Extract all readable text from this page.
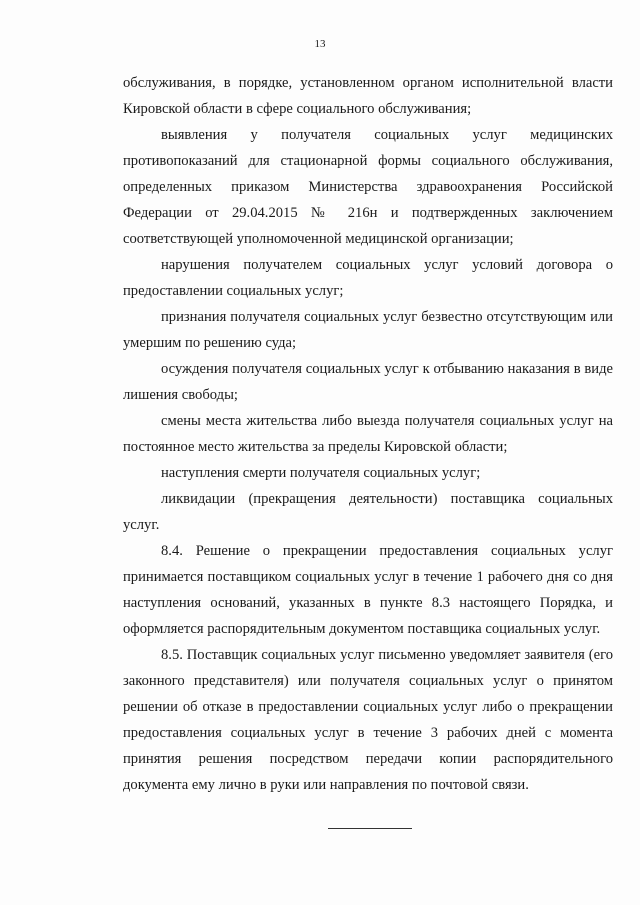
13

обслуживания, в порядке, установленном органом исполнительной власти Кировской области в сфере социального обслуживания;

выявления у получателя социальных услуг медицинских противопоказаний для стационарной формы социального обслуживания, определенных приказом Министерства здравоохранения Российской Федерации от 29.04.2015 № 216н и подтвержденных заключением соответствующей уполномоченной медицинской организации;

нарушения получателем социальных услуг условий договора о предоставлении социальных услуг;

признания получателя социальных услуг безвестно отсутствующим или умершим по решению суда;

осуждения получателя социальных услуг к отбыванию наказания в виде лишения свободы;

смены места жительства либо выезда получателя социальных услуг на постоянное место жительства за пределы Кировской области;

наступления смерти получателя социальных услуг;

ликвидации (прекращения деятельности) поставщика социальных услуг.

8.4. Решение о прекращении предоставления социальных услуг принимается поставщиком социальных услуг в течение 1 рабочего дня со дня наступления оснований, указанных в пункте 8.3 настоящего Порядка, и оформляется распорядительным документом поставщика социальных услуг.

8.5. Поставщик социальных услуг письменно уведомляет заявителя (его законного представителя) или получателя социальных услуг о принятом решении об отказе в предоставлении социальных услуг либо о прекращении предоставления социальных услуг в течение 3 рабочих дней с момента принятия решения посредством передачи копии распорядительного документа ему лично в руки или направления по почтовой связи.
